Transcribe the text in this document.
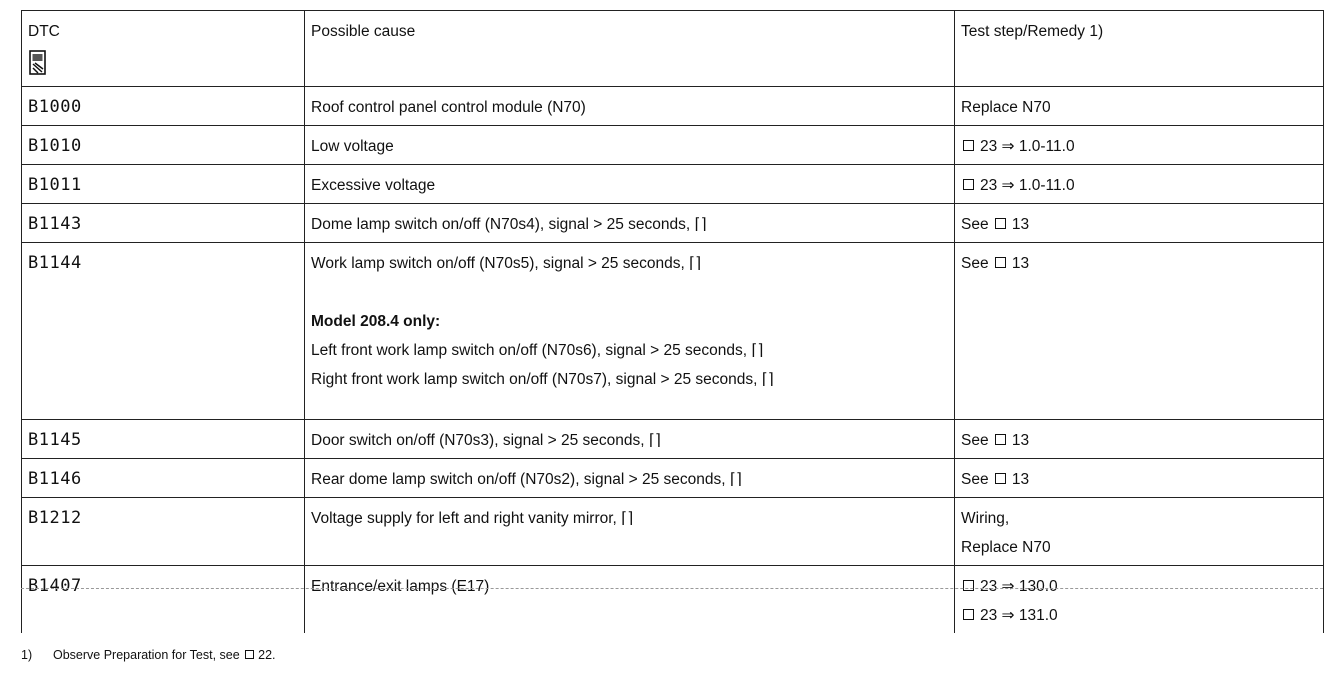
DTC	Possible cause	Test step/Remedy 1)
B1000	Roof control panel control module (N70)	Replace N70
B1010	Low voltage	23 ⇒ 1.0-11.0
B1011	Excessive voltage	23 ⇒ 1.0-11.0
B1143	Dome lamp switch on/off (N70s4), signal > 25 seconds, ⌈⌉	See 13
B1144	Work lamp switch on/off (N70s5), signal > 25 seconds, ⌈⌉
Model 208.4 only:
Left front work lamp switch on/off (N70s6), signal > 25 seconds, ⌈⌉
Right front work lamp switch on/off (N70s7), signal > 25 seconds, ⌈⌉	See 13
B1145	Door switch on/off (N70s3), signal > 25 seconds, ⌈⌉	See 13
B1146	Rear dome lamp switch on/off (N70s2), signal > 25 seconds, ⌈⌉	See 13
B1212	Voltage supply for left and right vanity mirror, ⌈⌉	Wiring,
Replace N70

B1407	Entrance/exit lamps (E17)	23 ⇒ 130.0
23 ⇒ 131.0
1) Observe Preparation for Test, see 22.
